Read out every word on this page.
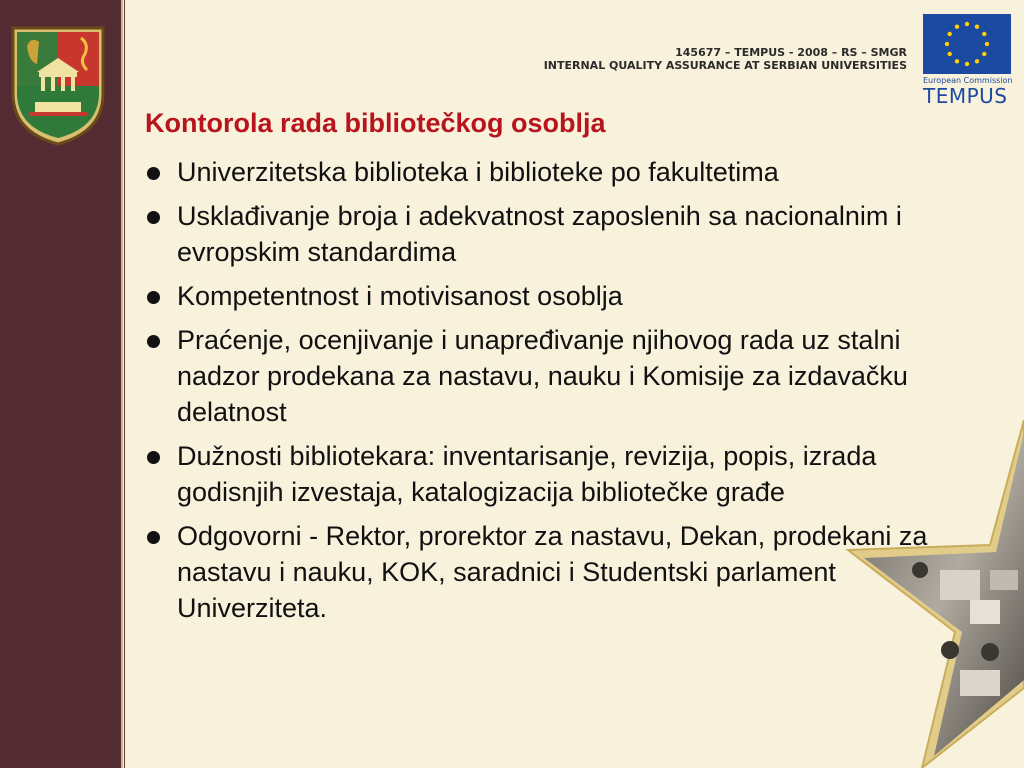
145677 – TEMPUS - 2008 – RS – SMGR
INTERNAL QUALITY ASSURANCE AT SERBIAN UNIVERSITIES
European Commission
TEMPUS
Kontorola rada bibliotečkog osoblja
Univerzitetska biblioteka i biblioteke po fakultetima
Usklađivanje broja i adekvatnost zaposlenih sa nacionalnim i evropskim standardima
Kompetentnost i motivisanost osoblja
Praćenje, ocenjivanje i unapređivanje njihovog rada uz stalni nadzor prodekana za nastavu, nauku i Komisije za izdavačku delatnost
Dužnosti bibliotekara: inventarisanje, revizija, popis, izrada godisnjih izvestaja, katalogizacija bibliotečke građe
Odgovorni - Rektor, prorektor za nastavu, Dekan, prodekani za nastavu i nauku, KOK, saradnici i Studentski parlament Univerziteta.
